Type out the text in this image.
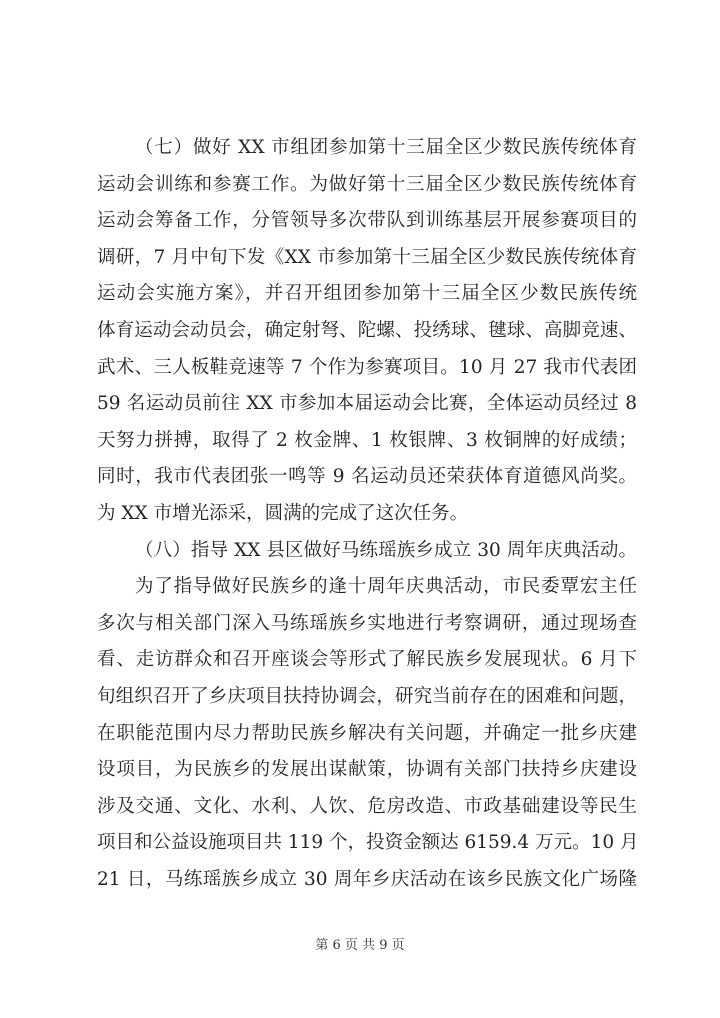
（七）做好 XX 市组团参加第十三届全区少数民族传统体育
运动会训练和参赛工作。为做好第十三届全区少数民族传统体育
运动会筹备工作，分管领导多次带队到训练基层开展参赛项目的
调研，7 月中旬下发《XX 市参加第十三届全区少数民族传统体育
运动会实施方案》，并召开组团参加第十三届全区少数民族传统
体育运动会动员会，确定射弩、陀螺、投绣球、毽球、高脚竞速、
武术、三人板鞋竞速等 7 个作为参赛项目。10 月 27 我市代表团
59 名运动员前往 XX 市参加本届运动会比赛，全体运动员经过 8
天努力拼搏，取得了 2 枚金牌、1 枚银牌、3 枚铜牌的好成绩；
同时，我市代表团张一鸣等 9 名运动员还荣获体育道德风尚奖。
为 XX 市增光添采，圆满的完成了这次任务。
（八）指导 XX 县区做好马练瑶族乡成立 30 周年庆典活动。
为了指导做好民族乡的逢十周年庆典活动，市民委覃宏主任
多次与相关部门深入马练瑶族乡实地进行考察调研，通过现场查
看、走访群众和召开座谈会等形式了解民族乡发展现状。6 月下
旬组织召开了乡庆项目扶持协调会，研究当前存在的困难和问题，
在职能范围内尽力帮助民族乡解决有关问题，并确定一批乡庆建
设项目，为民族乡的发展出谋献策，协调有关部门扶持乡庆建设
涉及交通、文化、水利、人饮、危房改造、市政基础建设等民生
项目和公益设施项目共 119 个，投资金额达 6159.4 万元。10 月
21 日，马练瑶族乡成立 30 周年乡庆活动在该乡民族文化广场隆
第 6 页 共 9 页
